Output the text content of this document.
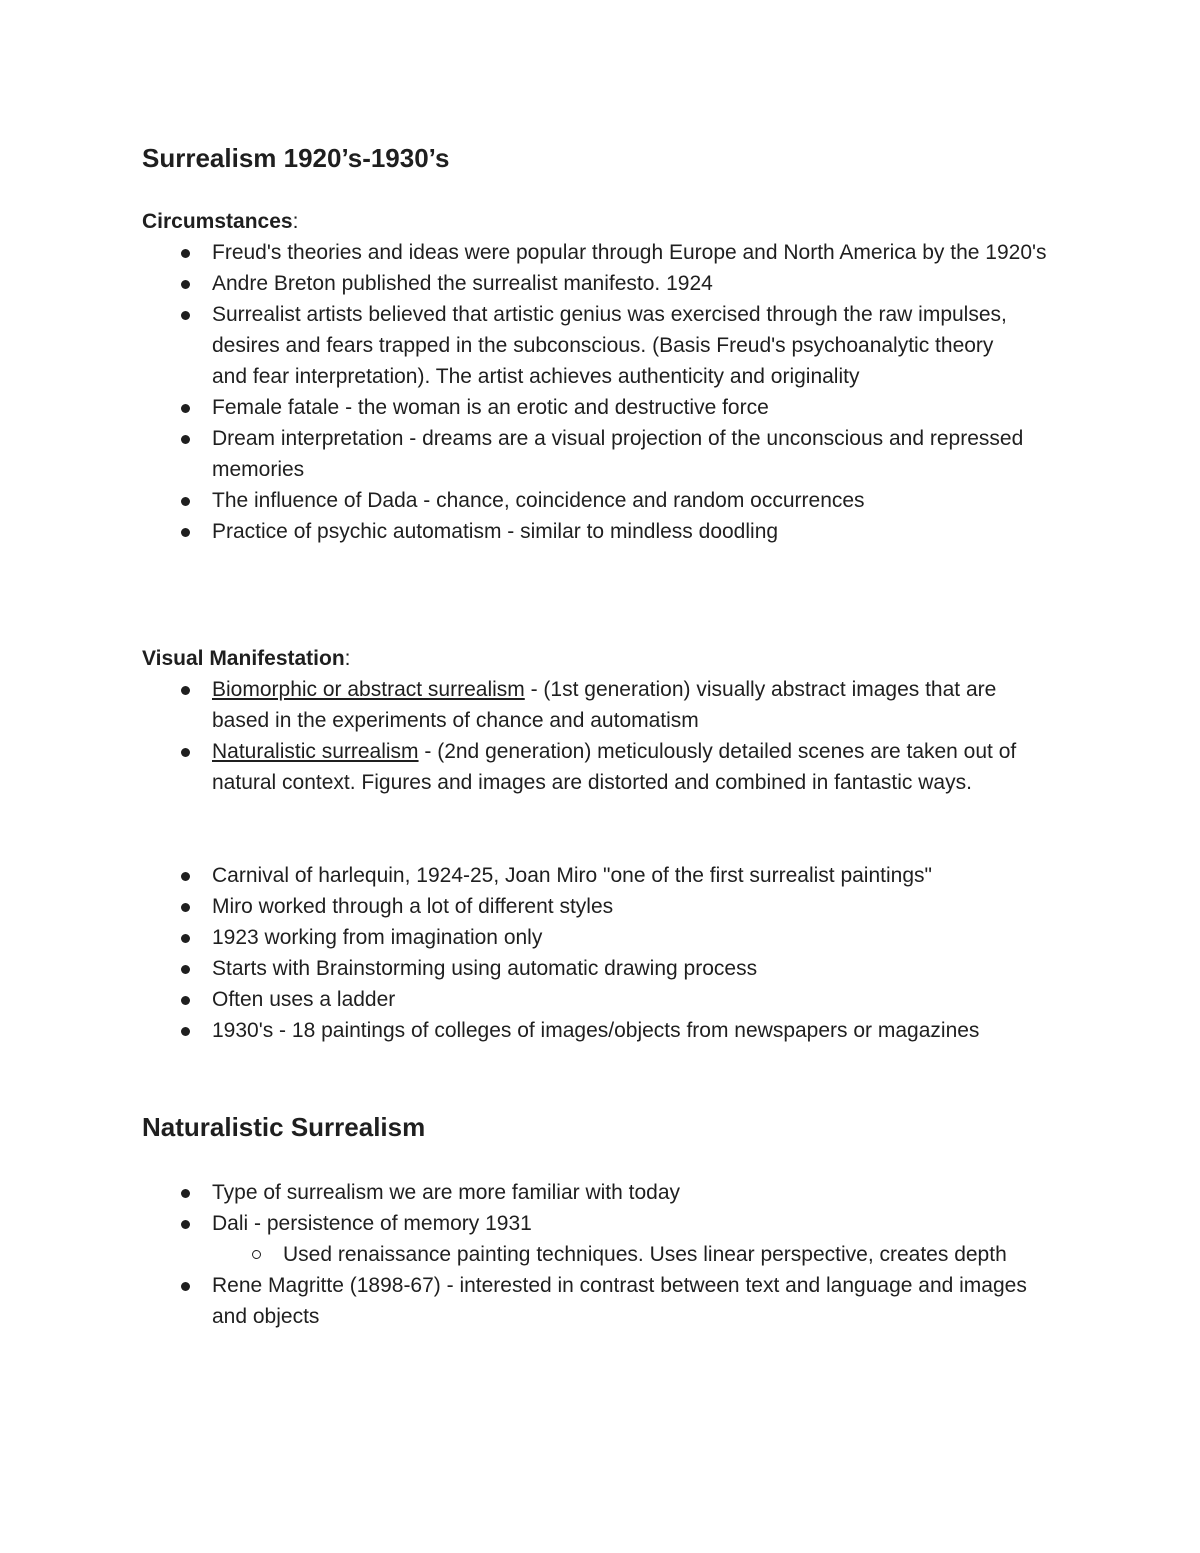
Surrealism 1920’s-1930’s
Circumstances:
Freud's theories and ideas were popular through Europe and North America by the 1920's
Andre Breton published the surrealist manifesto. 1924
Surrealist artists believed that artistic genius was exercised through the raw impulses, desires and fears trapped in the subconscious. (Basis Freud's psychoanalytic theory and fear interpretation). The artist achieves authenticity and originality
Female fatale - the woman is an erotic and destructive force
Dream interpretation - dreams are a visual projection of the unconscious and repressed memories
The influence of Dada - chance, coincidence and random occurrences
Practice of psychic automatism - similar to mindless doodling
Visual Manifestation:
Biomorphic or abstract surrealism - (1st generation) visually abstract images that are based in the experiments of chance and automatism
Naturalistic surrealism - (2nd generation) meticulously detailed scenes are taken out of natural context. Figures and images are distorted and combined in fantastic ways.
Carnival of harlequin, 1924-25, Joan Miro "one of the first surrealist paintings"
Miro worked through a lot of different styles
1923 working from imagination only
Starts with Brainstorming using automatic drawing process
Often uses a ladder
1930's - 18 paintings of colleges of images/objects from newspapers or magazines
Naturalistic Surrealism
Type of surrealism we are more familiar with today
Dali - persistence of memory 1931
Used renaissance painting techniques. Uses linear perspective, creates depth
Rene Magritte (1898-67) - interested in contrast between text and language and images and objects
